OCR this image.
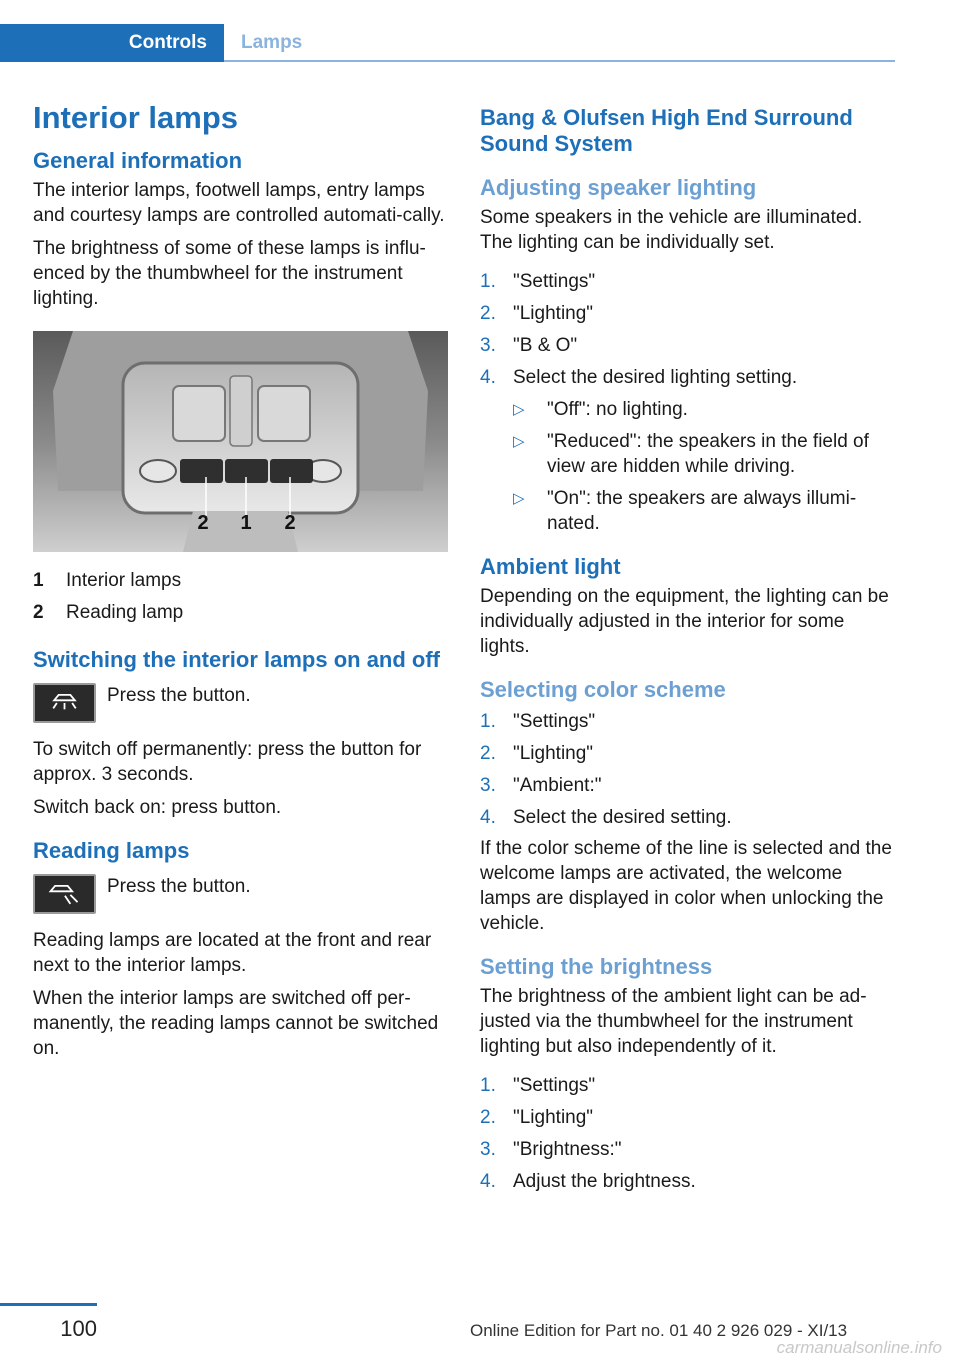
Controls	Lamps
Interior lamps
General information

The interior lamps, footwell lamps, entry lamps and courtesy lamps are controlled automati-cally.

The brightness of some of these lamps is influ-enced by the thumbwheel for the instrument lighting.

2 1 2
1	Interior lamps
2	Reading lamp
Switching the interior lamps on and off

Press the button.

To switch off permanently: press the button for approx. 3 seconds.

Switch back on: press button.

Reading lamps

Press the button.

Reading lamps are located at the front and rear next to the interior lamps.

When the interior lamps are switched off per-manently, the reading lamps cannot be switched on.

Bang & Olufsen High End Surround Sound System
Adjusting speaker lighting

Some speakers in the vehicle are illuminated. The lighting can be individually set.

1. "Settings"
2. "Lighting"
3. "B & O"
4. Select the desired lighting setting.
▷	"Off": no lighting.
▷	"Reduced": the speakers in the field of view are hidden while driving.
▷	"On": the speakers are always illumi-nated.
Ambient light

Depending on the equipment, the lighting can be individually adjusted in the interior for some lights.

Selecting color scheme
1. "Settings"
2. "Lighting"
3. "Ambient:"
4. Select the desired setting.

If the color scheme of the line is selected and the welcome lamps are activated, the welcome lamps are displayed in color when unlocking the vehicle.

Setting the brightness

The brightness of the ambient light can be ad-justed via the thumbwheel for the instrument lighting but also independently of it.

1. "Settings"
2. "Lighting"
3. "Brightness:"
4. Adjust the brightness.
100	Online Edition for Part no. 01 40 2 926 029 - XI/13
carmanualsonline.info
